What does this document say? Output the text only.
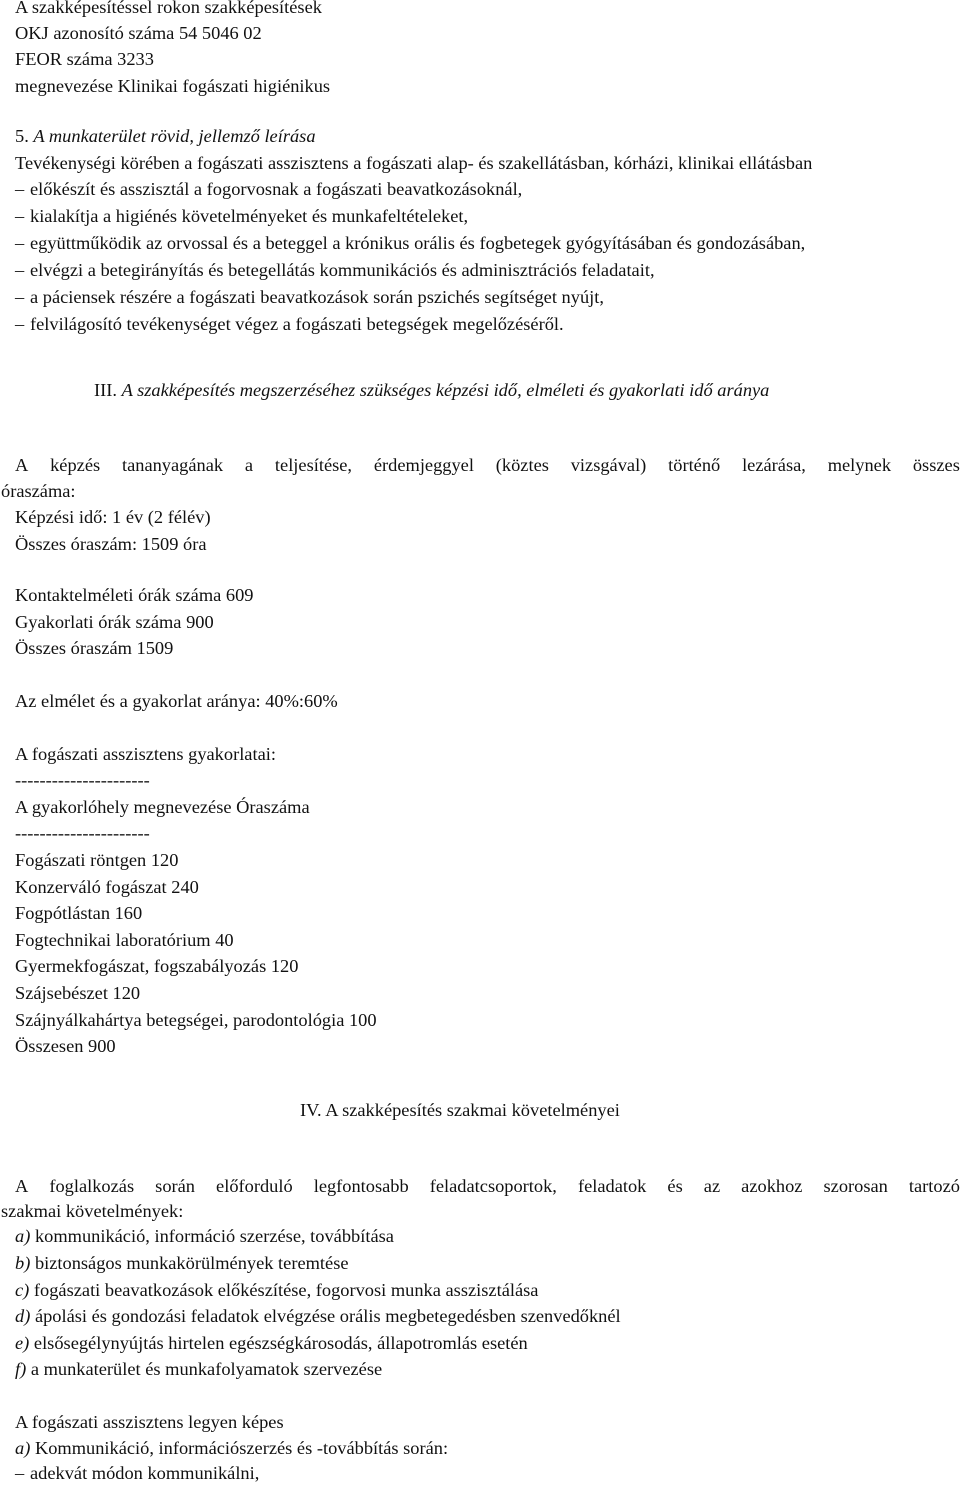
A szakképesítéssel rokon szakképesítések
OKJ azonosító száma 54 5046 02
FEOR száma 3233
megnevezése Klinikai fogászati higiénikus
5. A munkaterület rövid, jellemző leírása
Tevékenységi körében a fogászati asszisztens a fogászati alap- és szakellátásban, kórházi, klinikai ellátásban
– előkészít és asszisztál a fogorvosnak a fogászati beavatkozásoknál,
– kialakítja a higiénés követelményeket és munkafeltételeket,
– együttműködik az orvossal és a beteggel a krónikus orális és fogbetegek gyógyításában és gondozásában,
– elvégzi a betegirányítás és betegellátás kommunikációs és adminisztrációs feladatait,
– a páciensek részére a fogászati beavatkozások során pszichés segítséget nyújt,
– felvilágosító tevékenységet végez a fogászati betegségek megelőzéséről.
III. A szakképesítés megszerzéséhez szükséges képzési idő, elméleti és gyakorlati idő aránya
A képzés tananyagának a teljesítése, érdemjeggyel (köztes vizsgával) történő lezárása, melynek összes
óraszáma:
Képzési idő: 1 év (2 félév)
Összes óraszám: 1509 óra
Kontaktelméleti órák száma 609
Gyakorlati órák száma 900
Összes óraszám 1509
Az elmélet és a gyakorlat aránya: 40%:60%
A fogászati asszisztens gyakorlatai:
----------------------
A gyakorlóhely megnevezése Óraszáma
----------------------
Fogászati röntgen 120
Konzerváló fogászat 240
Fogpótlástan 160
Fogtechnikai laboratórium 40
Gyermekfogászat, fogszabályozás 120
Szájsebészet 120
Szájnyálkahártya betegségei, parodontológia 100
Összesen 900
IV. A szakképesítés szakmai követelményei
A foglalkozás során előforduló legfontosabb feladatcsoportok, feladatok és az azokhoz szorosan tartozó
szakmai követelmények:
a) kommunikáció, információ szerzése, továbbítása
b) biztonságos munkakörülmények teremtése
c) fogászati beavatkozások előkészítése, fogorvosi munka asszisztálása
d) ápolási és gondozási feladatok elvégzése orális megbetegedésben szenvedőknél
e) elsősegélynyújtás hirtelen egészségkárosodás, állapotromlás esetén
f) a munkaterület és munkafolyamatok szervezése
A fogászati asszisztens legyen képes
a) Kommunikáció, információszerzés és -továbbítás során:
– adekvát módon kommunikálni,
